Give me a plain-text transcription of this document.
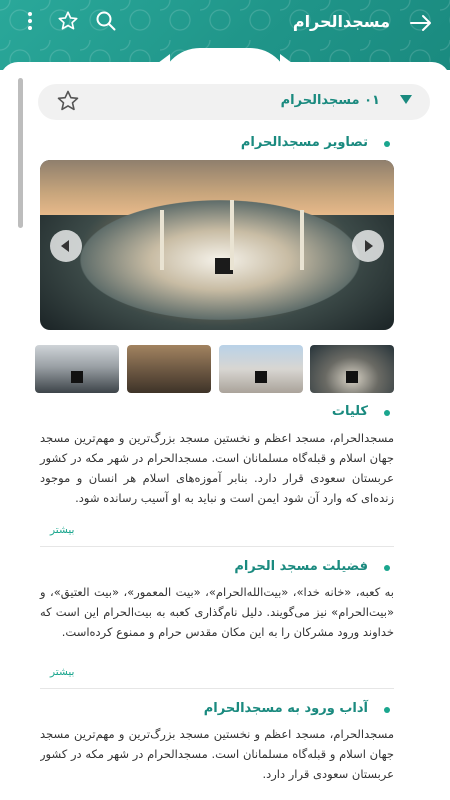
مسجدالحرام
۰۱ مسجدالحرام
تصاویر مسجدالحرام
کلیات
مسجدالحرام، مسجد اعظم و نخستین مسجد بزرگ‌ترین و مهم‌ترین مسجد جهان اسلام و قبله‌گاه مسلمانان است. مسجدالحرام در شهر مکه در کشور عربستان سعودی قرار دارد. بنابر آموزه‌های اسلام هر انسان و موجود زنده‌ای که وارد آن شود ایمن است و نباید به او آسیب رسانده شود.
بیشتر
فضیلت مسجد الحرام
به کعبه، «خانه خدا»، «بیت‌الله‌الحرام»، «بیت المعمور»، «بیت العتیق»، و «بیت‌الحرام» نیز می‌گویند. دلیل نام‌گذاری کعبه به بیت‌الحرام این است که خداوند ورود مشرکان را به این مکان مقدس حرام و ممنوع کرده‌است.
بیشتر
آداب ورود به مسجدالحرام
مسجدالحرام، مسجد اعظم و نخستین مسجد بزرگ‌ترین و مهم‌ترین مسجد جهان اسلام و قبله‌گاه مسلمانان است. مسجدالحرام در شهر مکه در کشور عربستان سعودی قرار دارد.
